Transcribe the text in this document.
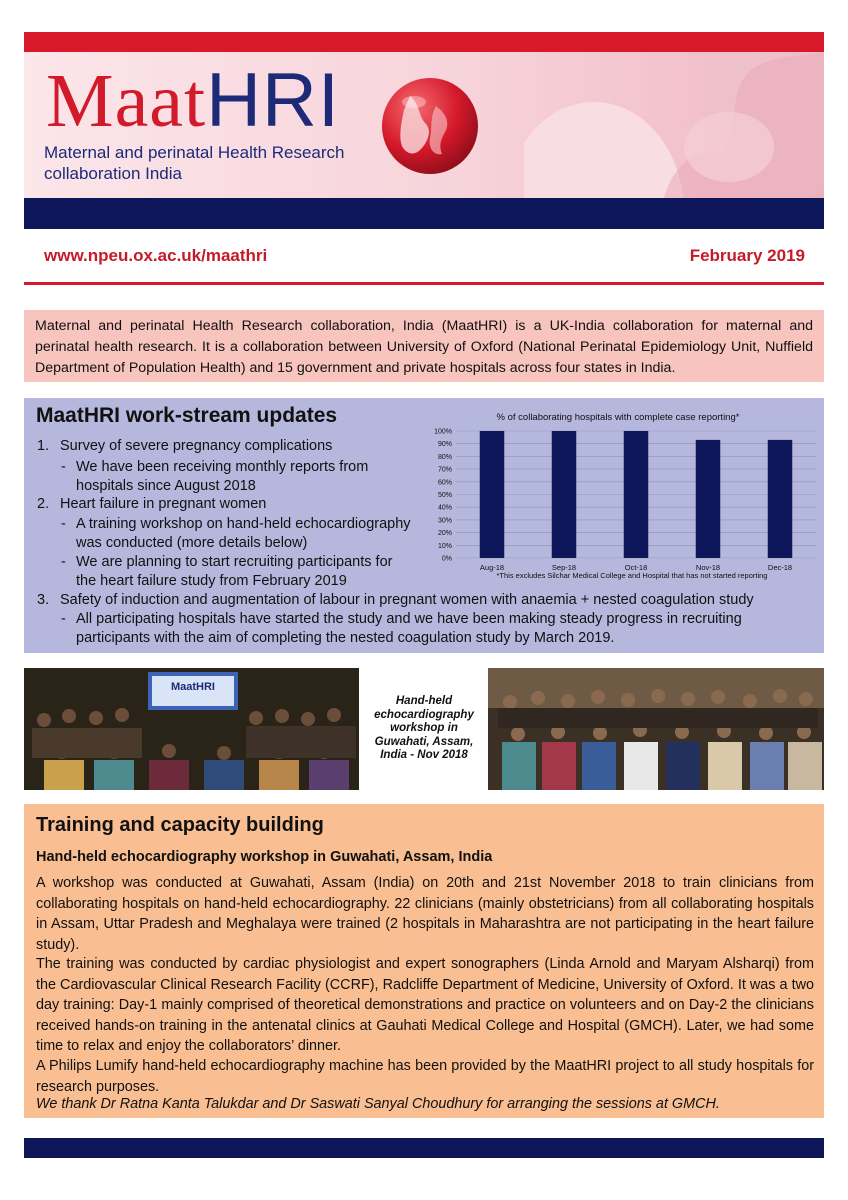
MaatHRI
Maternal and perinatal Health Research
collaboration India
www.npeu.ox.ac.uk/maathri	February 2019
Maternal and perinatal Health Research collaboration, India (MaatHRI) is a UK-India collaboration for maternal and perinatal health research. It is a collaboration between University of Oxford (National Perinatal Epidemiology Unit, Nuffield Department of Population Health) and 15 government and private hospitals across four states in India.
MaatHRI work-stream updates
1. Survey of severe pregnancy complications
- We have been receiving monthly reports from hospitals since August 2018
2. Heart failure in pregnant women
- A training workshop on hand-held echocardiography was conducted (more details below)
- We are planning to start recruiting participants for the heart failure study from February 2019
3. Safety of induction and augmentation of labour in pregnant women with anaemia + nested coagulation study
- All participating hospitals have started the study and we have been making steady progress in recruiting participants with the aim of completing the nested coagulation study by March 2019.
% of collaborating hospitals with complete case reporting*
0%
10%
20%
30%
40%
50%
60%
70%
80%
90%
100%
Aug-18	Sep-18	Oct-18	Nov-18	Dec-18
*This excludes Silchar Medical College and Hospital that has not started reporting
MaatHRI
Hand-held echocardiography workshop in Guwahati, Assam, India - Nov 2018
Training and capacity building
Hand-held echocardiography workshop in Guwahati, Assam, India
A workshop was conducted at Guwahati, Assam (India) on 20th and 21st November 2018 to train clinicians from collaborating hospitals on hand-held echocardiography. 22 clinicians (mainly obstetricians) from all collaborating hospitals in Assam, Uttar Pradesh and Meghalaya were trained (2 hospitals in Maharashtra are not participating in the heart failure study).
The training was conducted by cardiac physiologist and expert sonographers (Linda Arnold and Maryam Alsharqi) from the Cardiovascular Clinical Research Facility (CCRF), Radcliffe Department of Medicine, University of Oxford. It was a two day training: Day-1 mainly comprised of theoretical demonstrations and practice on volunteers and on Day-2 the clinicians received hands-on training in the antenatal clinics at Gauhati Medical College and Hospital (GMCH). Later, we had some time to relax and enjoy the collaborators’ dinner.
A Philips Lumify hand-held echocardiography machine has been provided by the MaatHRI project to all study hospitals for research purposes.
We thank Dr Ratna Kanta Talukdar and Dr Saswati Sanyal Choudhury for arranging the sessions at GMCH.
